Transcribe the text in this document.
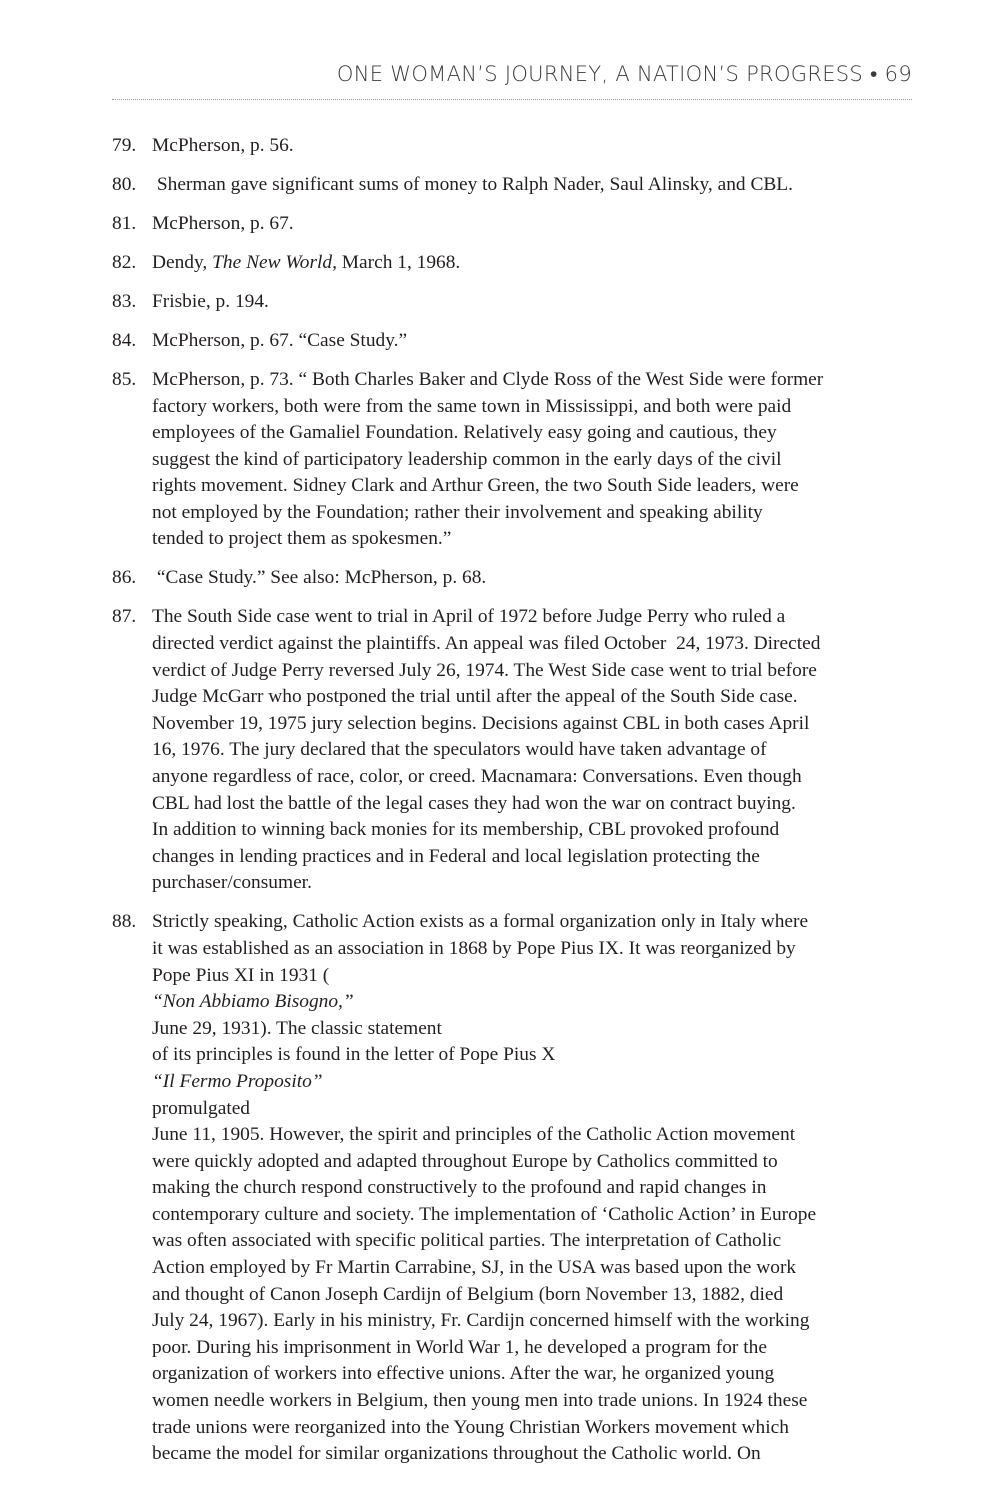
ONE WOMAN’S JOURNEY, A NATION’S PROGRESS • 69
79. McPherson, p. 56.
80. Sherman gave significant sums of money to Ralph Nader, Saul Alinsky, and CBL.
81. McPherson, p. 67.
82. Dendy, The New World, March 1, 1968.
83. Frisbie, p. 194.
84. McPherson, p. 67. “Case Study.”
85. McPherson, p. 73. “ Both Charles Baker and Clyde Ross of the West Side were former
factory workers, both were from the same town in Mississippi, and both were paid
employees of the Gamaliel Foundation. Relatively easy going and cautious, they
suggest the kind of participatory leadership common in the early days of the civil
rights movement. Sidney Clark and Arthur Green, the two South Side leaders, were
not employed by the Foundation; rather their involvement and speaking ability
tended to project them as spokesmen.”
86. “Case Study.” See also: McPherson, p. 68.
87. The South Side case went to trial in April of 1972 before Judge Perry who ruled a
directed verdict against the plaintiffs. An appeal was filed October  24, 1973. Directed
verdict of Judge Perry reversed July 26, 1974. The West Side case went to trial before
Judge McGarr who postponed the trial until after the appeal of the South Side case.
November 19, 1975 jury selection begins. Decisions against CBL in both cases April
16, 1976. The jury declared that the speculators would have taken advantage of
anyone regardless of race, color, or creed. Macnamara: Conversations. Even though
CBL had lost the battle of the legal cases they had won the war on contract buying.
In addition to winning back monies for its membership, CBL provoked profound
changes in lending practices and in Federal and local legislation protecting the
purchaser/consumer.
88. Strictly speaking, Catholic Action exists as a formal organization only in Italy where
it was established as an association in 1868 by Pope Pius IX. It was reorganized by
Pope Pius XI in 1931 (
“Non Abbiamo Bisogno,”
June 29, 1931). The classic statement
of its principles is found in the letter of Pope Pius X
“Il Fermo Proposito”
promulgated
June 11, 1905. However, the spirit and principles of the Catholic Action movement
were quickly adopted and adapted throughout Europe by Catholics committed to
making the church respond constructively to the profound and rapid changes in
contemporary culture and society. The implementation of ‘Catholic Action’ in Europe
was often associated with specific political parties. The interpretation of Catholic
Action employed by Fr Martin Carrabine, SJ, in the USA was based upon the work
and thought of Canon Joseph Cardijn of Belgium (born November 13, 1882, died
July 24, 1967). Early in his ministry, Fr. Cardijn concerned himself with the working
poor. During his imprisonment in World War 1, he developed a program for the
organization of workers into effective unions. After the war, he organized young
women needle workers in Belgium, then young men into trade unions. In 1924 these
trade unions were reorganized into the Young Christian Workers movement which
became the model for similar organizations throughout the Catholic world. On
